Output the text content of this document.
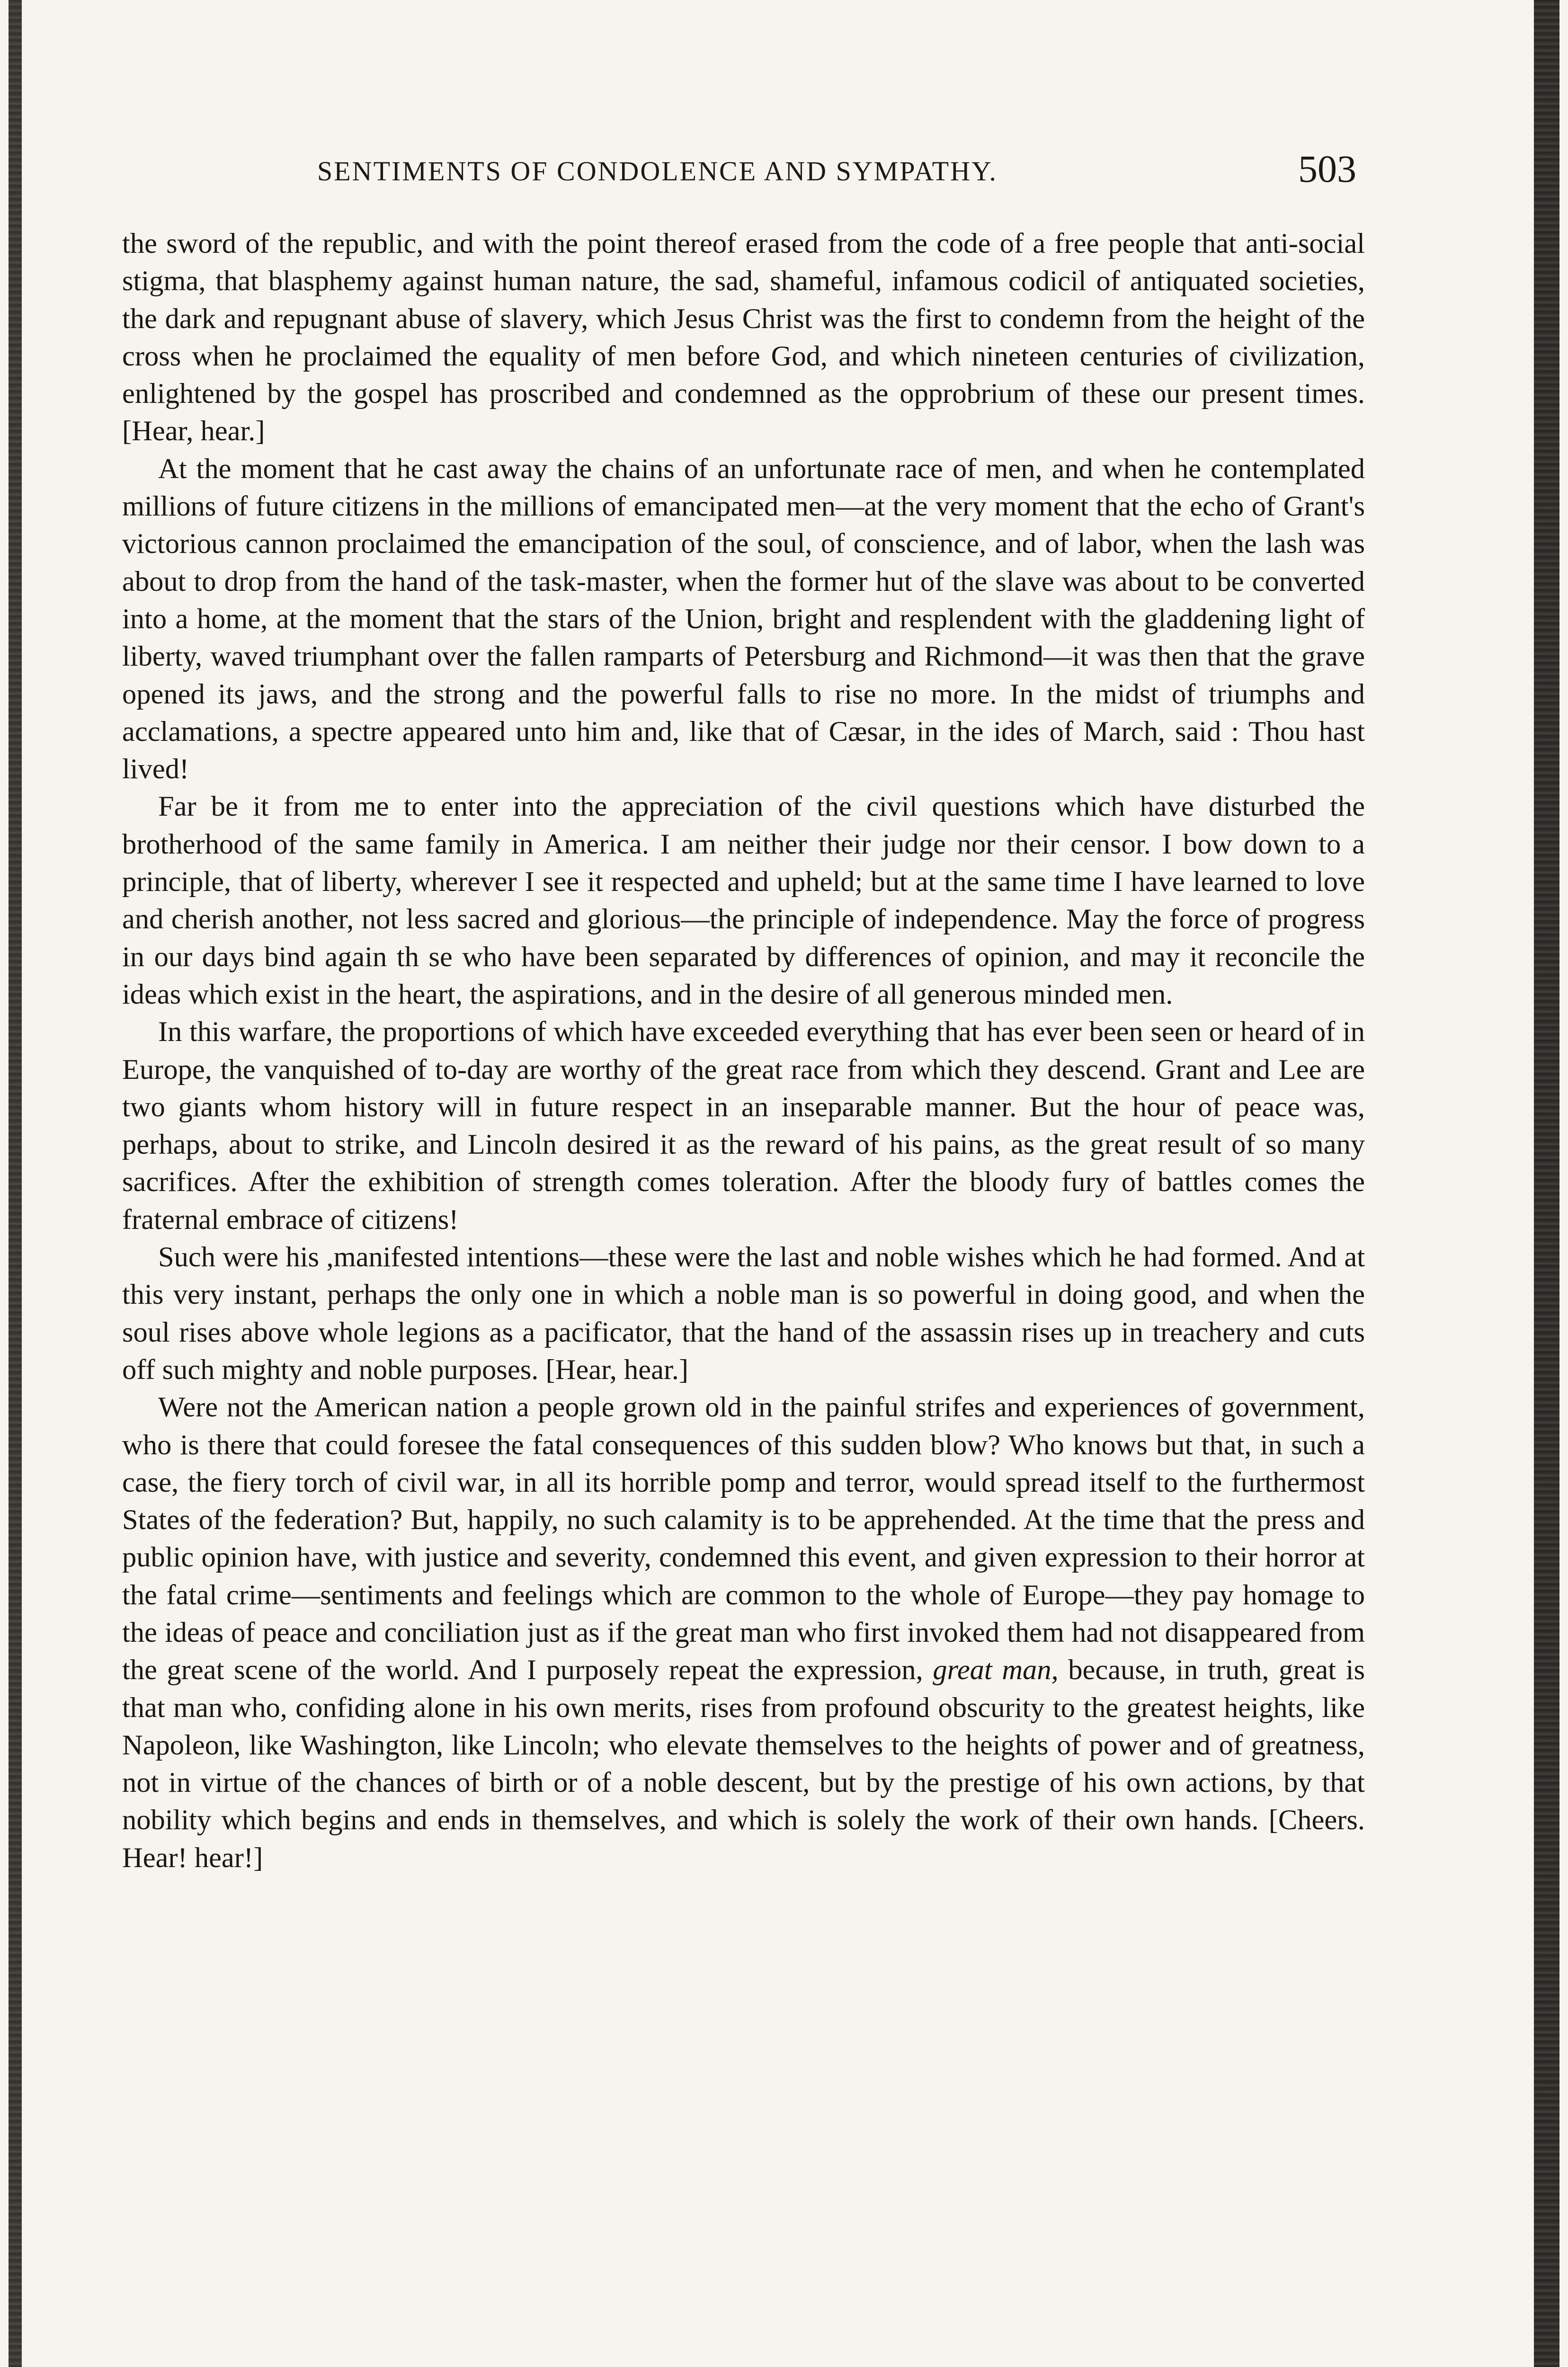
SENTIMENTS OF CONDOLENCE AND SYMPATHY.	503

the sword of the republic, and with the point thereof erased from the code of a free people that anti-social stigma, that blasphemy against human nature, the sad, shameful, infamous codicil of antiquated societies, the dark and repugnant abuse of slavery, which Jesus Christ was the first to condemn from the height of the cross when he proclaimed the equality of men before God, and which nineteen centuries of civilization, enlightened by the gospel has proscribed and condemned as the opprobrium of these our present times. [Hear, hear.]

At the moment that he cast away the chains of an unfortunate race of men, and when he contemplated millions of future citizens in the millions of emancipated men—at the very moment that the echo of Grant's victorious cannon proclaimed the emancipation of the soul, of conscience, and of labor, when the lash was about to drop from the hand of the task-master, when the former hut of the slave was about to be converted into a home, at the moment that the stars of the Union, bright and resplendent with the gladdening light of liberty, waved triumphant over the fallen ramparts of Petersburg and Richmond—it was then that the grave opened its jaws, and the strong and the powerful falls to rise no more. In the midst of triumphs and acclamations, a spectre appeared unto him and, like that of Cæsar, in the ides of March, said : Thou hast lived!

Far be it from me to enter into the appreciation of the civil questions which have disturbed the brotherhood of the same family in America. I am neither their judge nor their censor. I bow down to a principle, that of liberty, wherever I see it respected and upheld; but at the same time I have learned to love and cherish another, not less sacred and glorious—the principle of independence. May the force of progress in our days bind again th se who have been separated by differences of opinion, and may it reconcile the ideas which exist in the heart, the aspirations, and in the desire of all generous minded men.

In this warfare, the proportions of which have exceeded everything that has ever been seen or heard of in Europe, the vanquished of to-day are worthy of the great race from which they descend. Grant and Lee are two giants whom history will in future respect in an inseparable manner. But the hour of peace was, perhaps, about to strike, and Lincoln desired it as the reward of his pains, as the great result of so many sacrifices. After the exhibition of strength comes toleration. After the bloody fury of battles comes the fraternal embrace of citizens!

Such were his ,manifested intentions—these were the last and noble wishes which he had formed. And at this very instant, perhaps the only one in which a noble man is so powerful in doing good, and when the soul rises above whole legions as a pacificator, that the hand of the assassin rises up in treachery and cuts off such mighty and noble purposes. [Hear, hear.]

Were not the American nation a people grown old in the painful strifes and experiences of government, who is there that could foresee the fatal consequences of this sudden blow? Who knows but that, in such a case, the fiery torch of civil war, in all its horrible pomp and terror, would spread itself to the furthermost States of the federation? But, happily, no such calamity is to be apprehended. At the time that the press and public opinion have, with justice and severity, condemned this event, and given expression to their horror at the fatal crime—sentiments and feelings which are common to the whole of Europe—they pay homage to the ideas of peace and conciliation just as if the great man who first invoked them had not disappeared from the great scene of the world. And I purposely repeat the expression, great man, because, in truth, great is that man who, confiding alone in his own merits, rises from profound obscurity to the greatest heights, like Napoleon, like Washington, like Lincoln; who elevate themselves to the heights of power and of greatness, not in virtue of the chances of birth or of a noble descent, but by the prestige of his own actions, by that nobility which begins and ends in themselves, and which is solely the work of their own hands. [Cheers. Hear! hear!]
